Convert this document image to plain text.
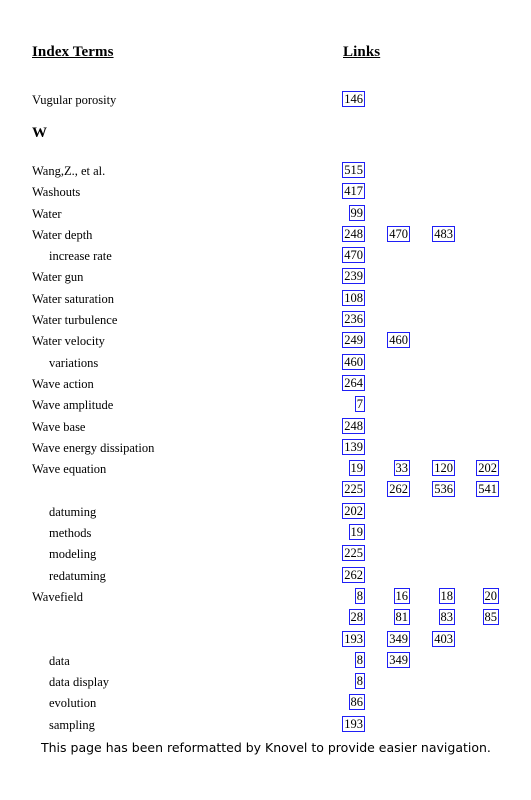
Index Terms	Links
W
Vugular porosity	146
Wang,Z., et al.	515
Washouts	417
Water	99
Water depth	248 470 483
increase rate	470
Water gun	239
Water saturation	108
Water turbulence	236
Water velocity	249 460
variations	460
Wave action	264
Wave amplitude	7
Wave base	248
Wave energy dissipation	139
Wave equation	19	33 120 202
225 262 536 541
datuming	202
methods	19
modeling	225
redatuming	262
Wavefield	8	16	18	20
28	81	83	85
193 349 403
data	8 349
data display	8
evolution	86
sampling	193
This page has been reformatted by Knovel to provide easier navigation.
